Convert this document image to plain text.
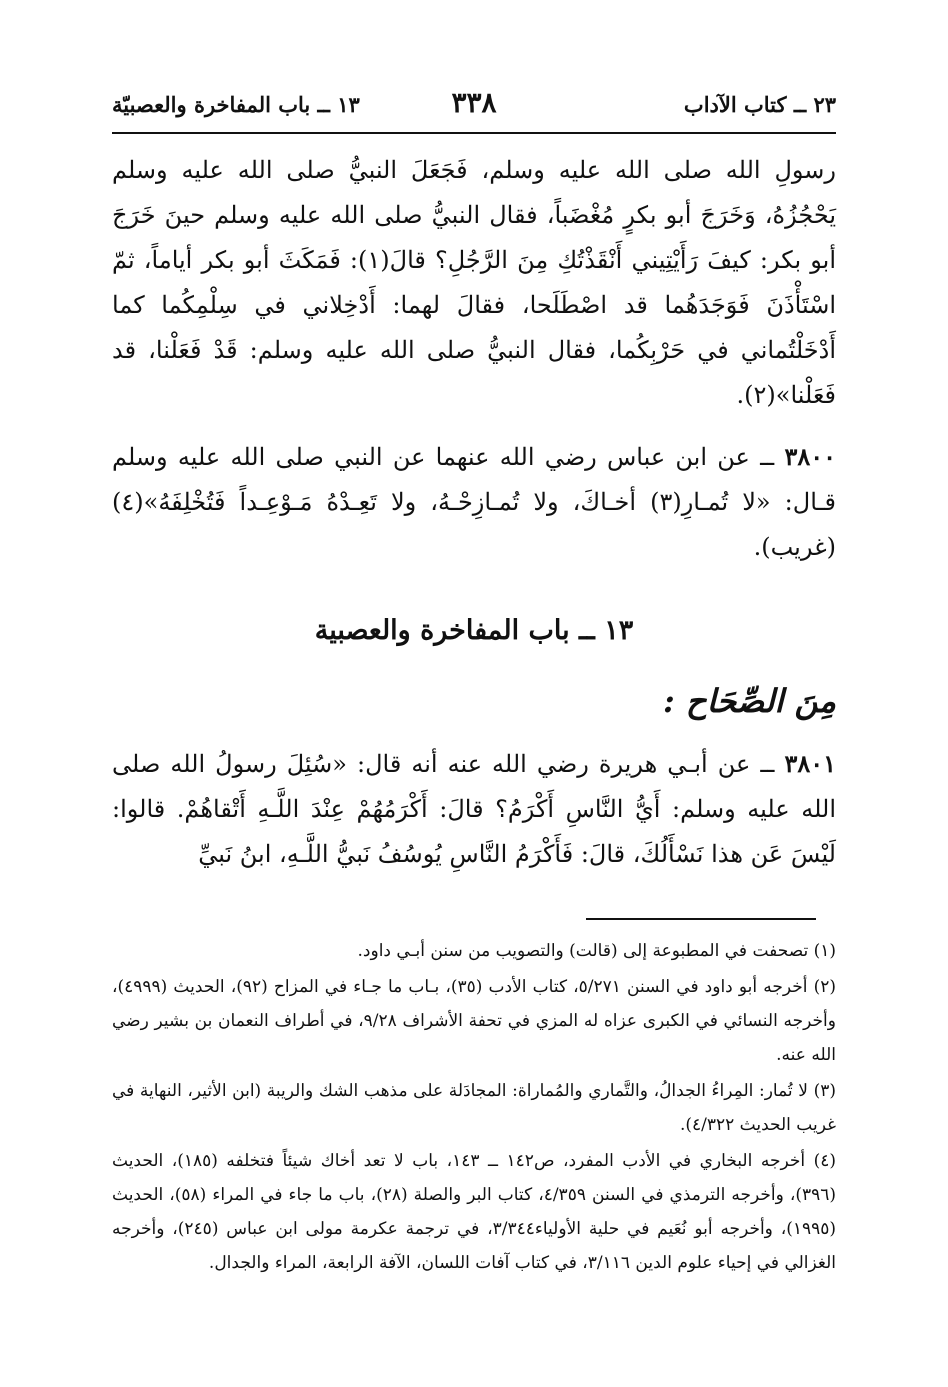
٢٣ ــ كتاب الآداب
٣٣٨
١٣ ــ باب المفاخرة والعصبيّة

رسولِ الله صلى الله عليه وسلم، فَجَعَلَ النبيُّ صلى الله عليه وسلم يَحْجُزُهُ، وَخَرَجَ أبو بكرٍ مُغْضَباً، فقال النبيُّ صلى الله عليه وسلم حينَ خَرَجَ أبو بكر: كيفَ رَأَيْتِيني أَنْقَذْتُكِ مِنَ الرَّجُلِ؟ قالَ(١): فَمَكَثَ أبو بكر أياماً، ثمّ اسْتَأْذَنَ فَوَجَدَهُما قد اصْطَلَحا، فقالَ لهما: أَدْخِلاني في سِلْمِكُما كما أَدْخَلْتُماني في حَرْبِكُما، فقال النبيُّ صلى الله عليه وسلم: قَدْ فَعَلْنا، قد فَعَلْنا»(٢).

٣٨٠٠ ــ عن ابن عباس رضي الله عنهما عن النبي صلى الله عليه وسلم قـال: «لا تُمـارِ(٣) أخـاكَ، ولا تُمـازِحْـهُ، ولا تَعِـدْهُ مَـوْعِـداً فَتُخْلِفَهُ»(٤) (غريب).

١٣ ــ باب المفاخرة والعصبية
مِنَ الصِّحَاح :

٣٨٠١ ــ عن أبـي هريرة رضي الله عنه أنه قال: «سُئِلَ رسولُ الله صلى الله عليه وسلم: أَيُّ النَّاسِ أَكْرَمُ؟ قالَ: أَكْرَمُهُمْ عِنْدَ اللَّـهِ أَتْقاهُمْ. قالوا: لَيْسَ عَن هذا نَسْأَلُكَ، قالَ: فَأَكْرَمُ النَّاسِ يُوسُفُ نَبيُّ اللَّـهِ، ابنُ نَبيِّ

(١) تصحفت في المطبوعة إلى (قالت) والتصويب من سنن أبـي داود.

(٢) أخرجه أبو داود في السنن ٥/٢٧١، كتاب الأدب (٣٥)، بـاب ما جـاء في المزاح (٩٢)، الحديث (٤٩٩٩)، وأخرجه النسائي في الكبرى عزاه له المزي في تحفة الأشراف ٩/٢٨، في أطراف النعمان بن بشير رضي الله عنه.

(٣) لا تُمار: المِراءُ الجدالُ، والتَّماري والمُماراة: المجادَلة على مذهب الشك والريبة (ابن الأثير، النهاية في غريب الحديث ٤/٣٢٢).

(٤) أخرجه البخاري في الأدب المفرد، ص١٤٢ ــ ١٤٣، باب لا تعد أخاك شيئاً فتخلفه (١٨٥)، الحديث (٣٩٦)، وأخرجه الترمذي في السنن ٤/٣٥٩، كتاب البر والصلة (٢٨)، باب ما جاء في المراء (٥٨)، الحديث (١٩٩٥)، وأخرجه أبو نُعَيم في حلية الأولياء٣/٣٤٤، في ترجمة عكرمة مولى ابن عباس (٢٤٥)، وأخرجه الغزالي في إحياء علوم الدين ٣/١١٦، في كتاب آفات اللسان، الآفة الرابعة، المراء والجدال.
